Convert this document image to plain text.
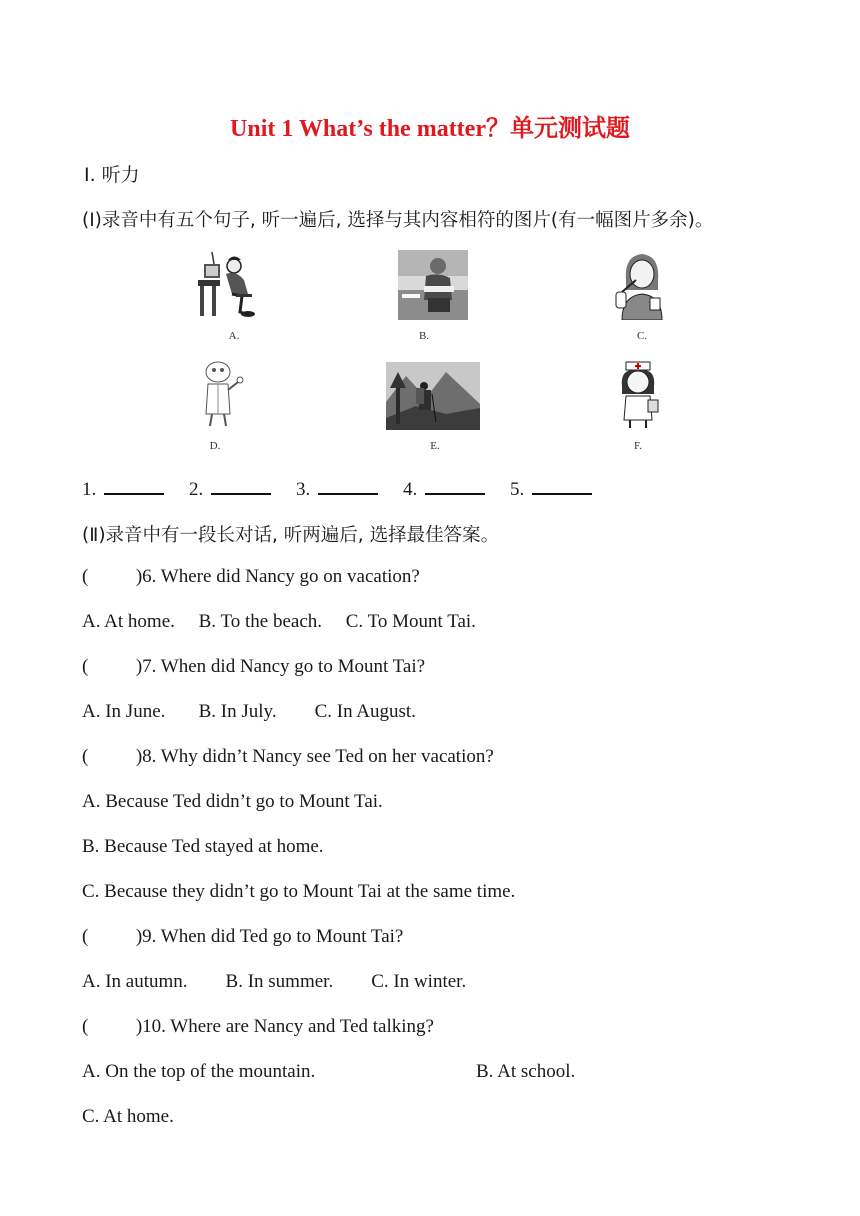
Unit 1 What’s the matter？单元测试题
Ⅰ. 听力
(Ⅰ)录音中有五个句子, 听一遍后, 选择与其内容相符的图片(有一幅图片多余)。
A.	B.	C.
D.	E.	F.
1.	2.	3.	4.	5.
(Ⅱ)录音中有一段长对话, 听两遍后, 选择最佳答案。
(          )6. Where did Nancy go on vacation?
A. At home.     B. To the beach.     C. To Mount Tai.
(          )7. When did Nancy go to Mount Tai?
A. In June.       B. In July.        C. In August.
(          )8. Why didn’t Nancy see Ted on her vacation?
A. Because Ted didn’t go to Mount Tai.
B. Because Ted stayed at home.
C. Because they didn’t go to Mount Tai at the same time.
(          )9. When did Ted go to Mount Tai?
A. In autumn.        B. In summer.        C. In winter.
(          )10. Where are Nancy and Ted talking?
A. On the top of the mountain.	B. At school.
C. At home.
